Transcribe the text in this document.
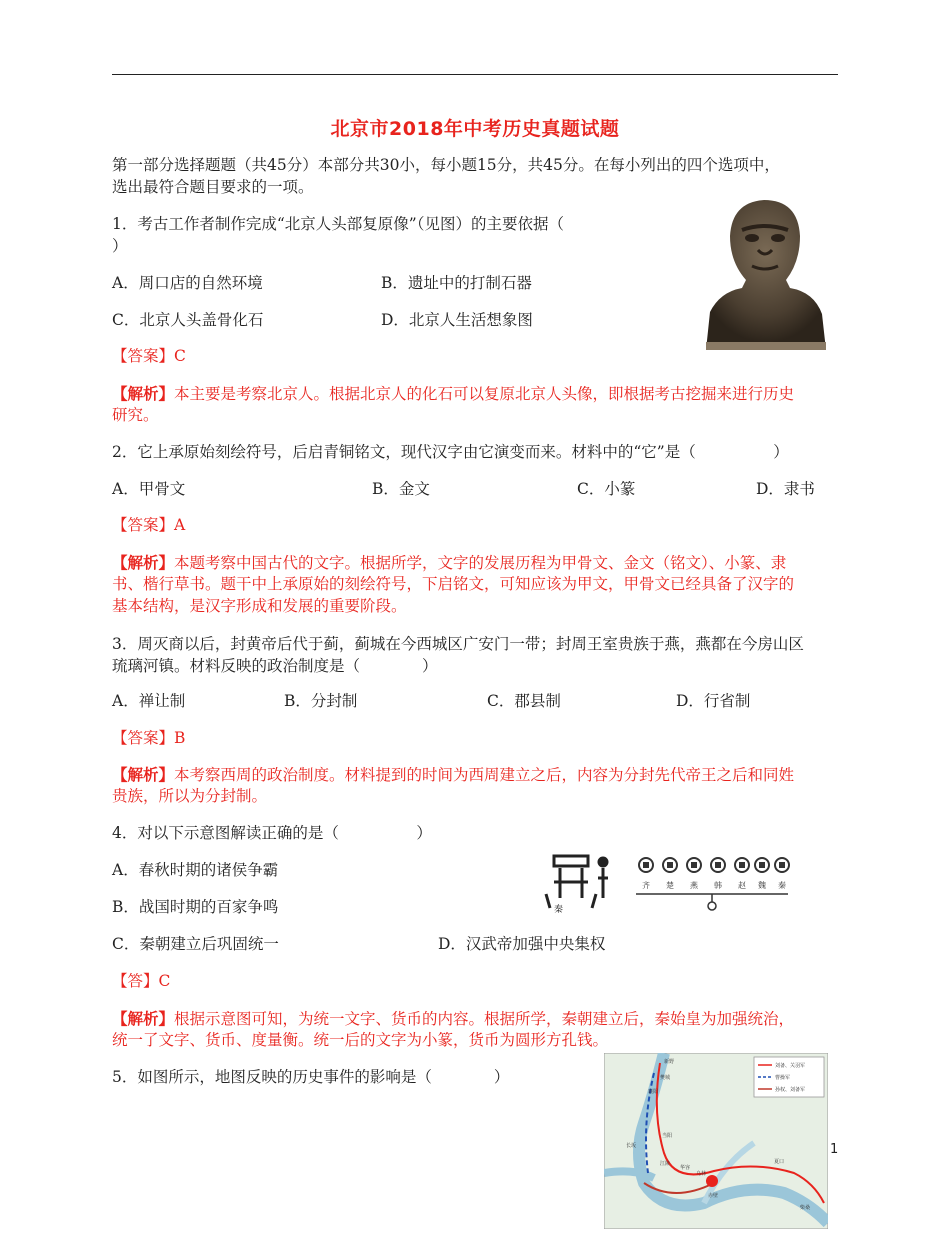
北京市2018年中考历史真题试题
第一部分选择题题（共45分）本部分共30小，每小题15分，共45分。在每小列出的四个选项中，
选出最符合题目要求的一项。
1．考古工作者制作完成“北京人头部复原像”（见图）的主要依据（
）
A．周口店的自然环境	B．遗址中的打制石器
C．北京人头盖骨化石	D．北京人生活想象图
【答案】C
【解析】本主要是考察北京人。根据北京人的化石可以复原北京人头像，即根据考古挖掘来进行历史
研究。
2．它上承原始刻绘符号，后启青铜铭文，现代汉字由它演变而来。材料中的“它”是（　　　　　）
A．甲骨文	B．金文	C．小篆	D．隶书
【答案】A
【解析】本题考察中国古代的文字。根据所学，文字的发展历程为甲骨文、金文（铭文）、小篆、隶
书、楷行草书。题干中上承原始的刻绘符号，下启铭文，可知应该为甲文，甲骨文已经具备了汉字的
基本结构，是汉字形成和发展的重要阶段。
3．周灭商以后，封黄帝后代于蓟，蓟城在今西城区广安门一带；封周王室贵族于燕，燕都在今房山区
琉璃河镇。材料反映的政治制度是（　　　　）
A．禅让制	B．分封制	C．郡县制	D．行省制
【答案】B
【解析】本考察西周的政治制度。材料提到的时间为西周建立之后，内容为分封先代帝王之后和同姓
贵族，所以为分封制。
4．对以下示意图解读正确的是（　　　　　）
A．春秋时期的诸侯争霸
B．战国时期的百家争鸣
C．秦朝建立后巩固统一	D．汉武帝加强中央集权
【答】C
【解析】根据示意图可知，为统一文字、货币的内容。根据所学，秦朝建立后，秦始皇为加强统治，
统一了文字、货币、度量衡。统一后的文字为小篆，货币为圆形方孔钱。
秦
齐 楚 燕 韩 赵 魏 秦
5．如图所示，地图反映的历史事件的影响是（　　　　）
刘备、关羽军
曹操军
孙权、刘备军
新野
樊城
襄阳
当阳
长坂
江陵
赤壁
乌林
夏口
华容
柴桑
1
